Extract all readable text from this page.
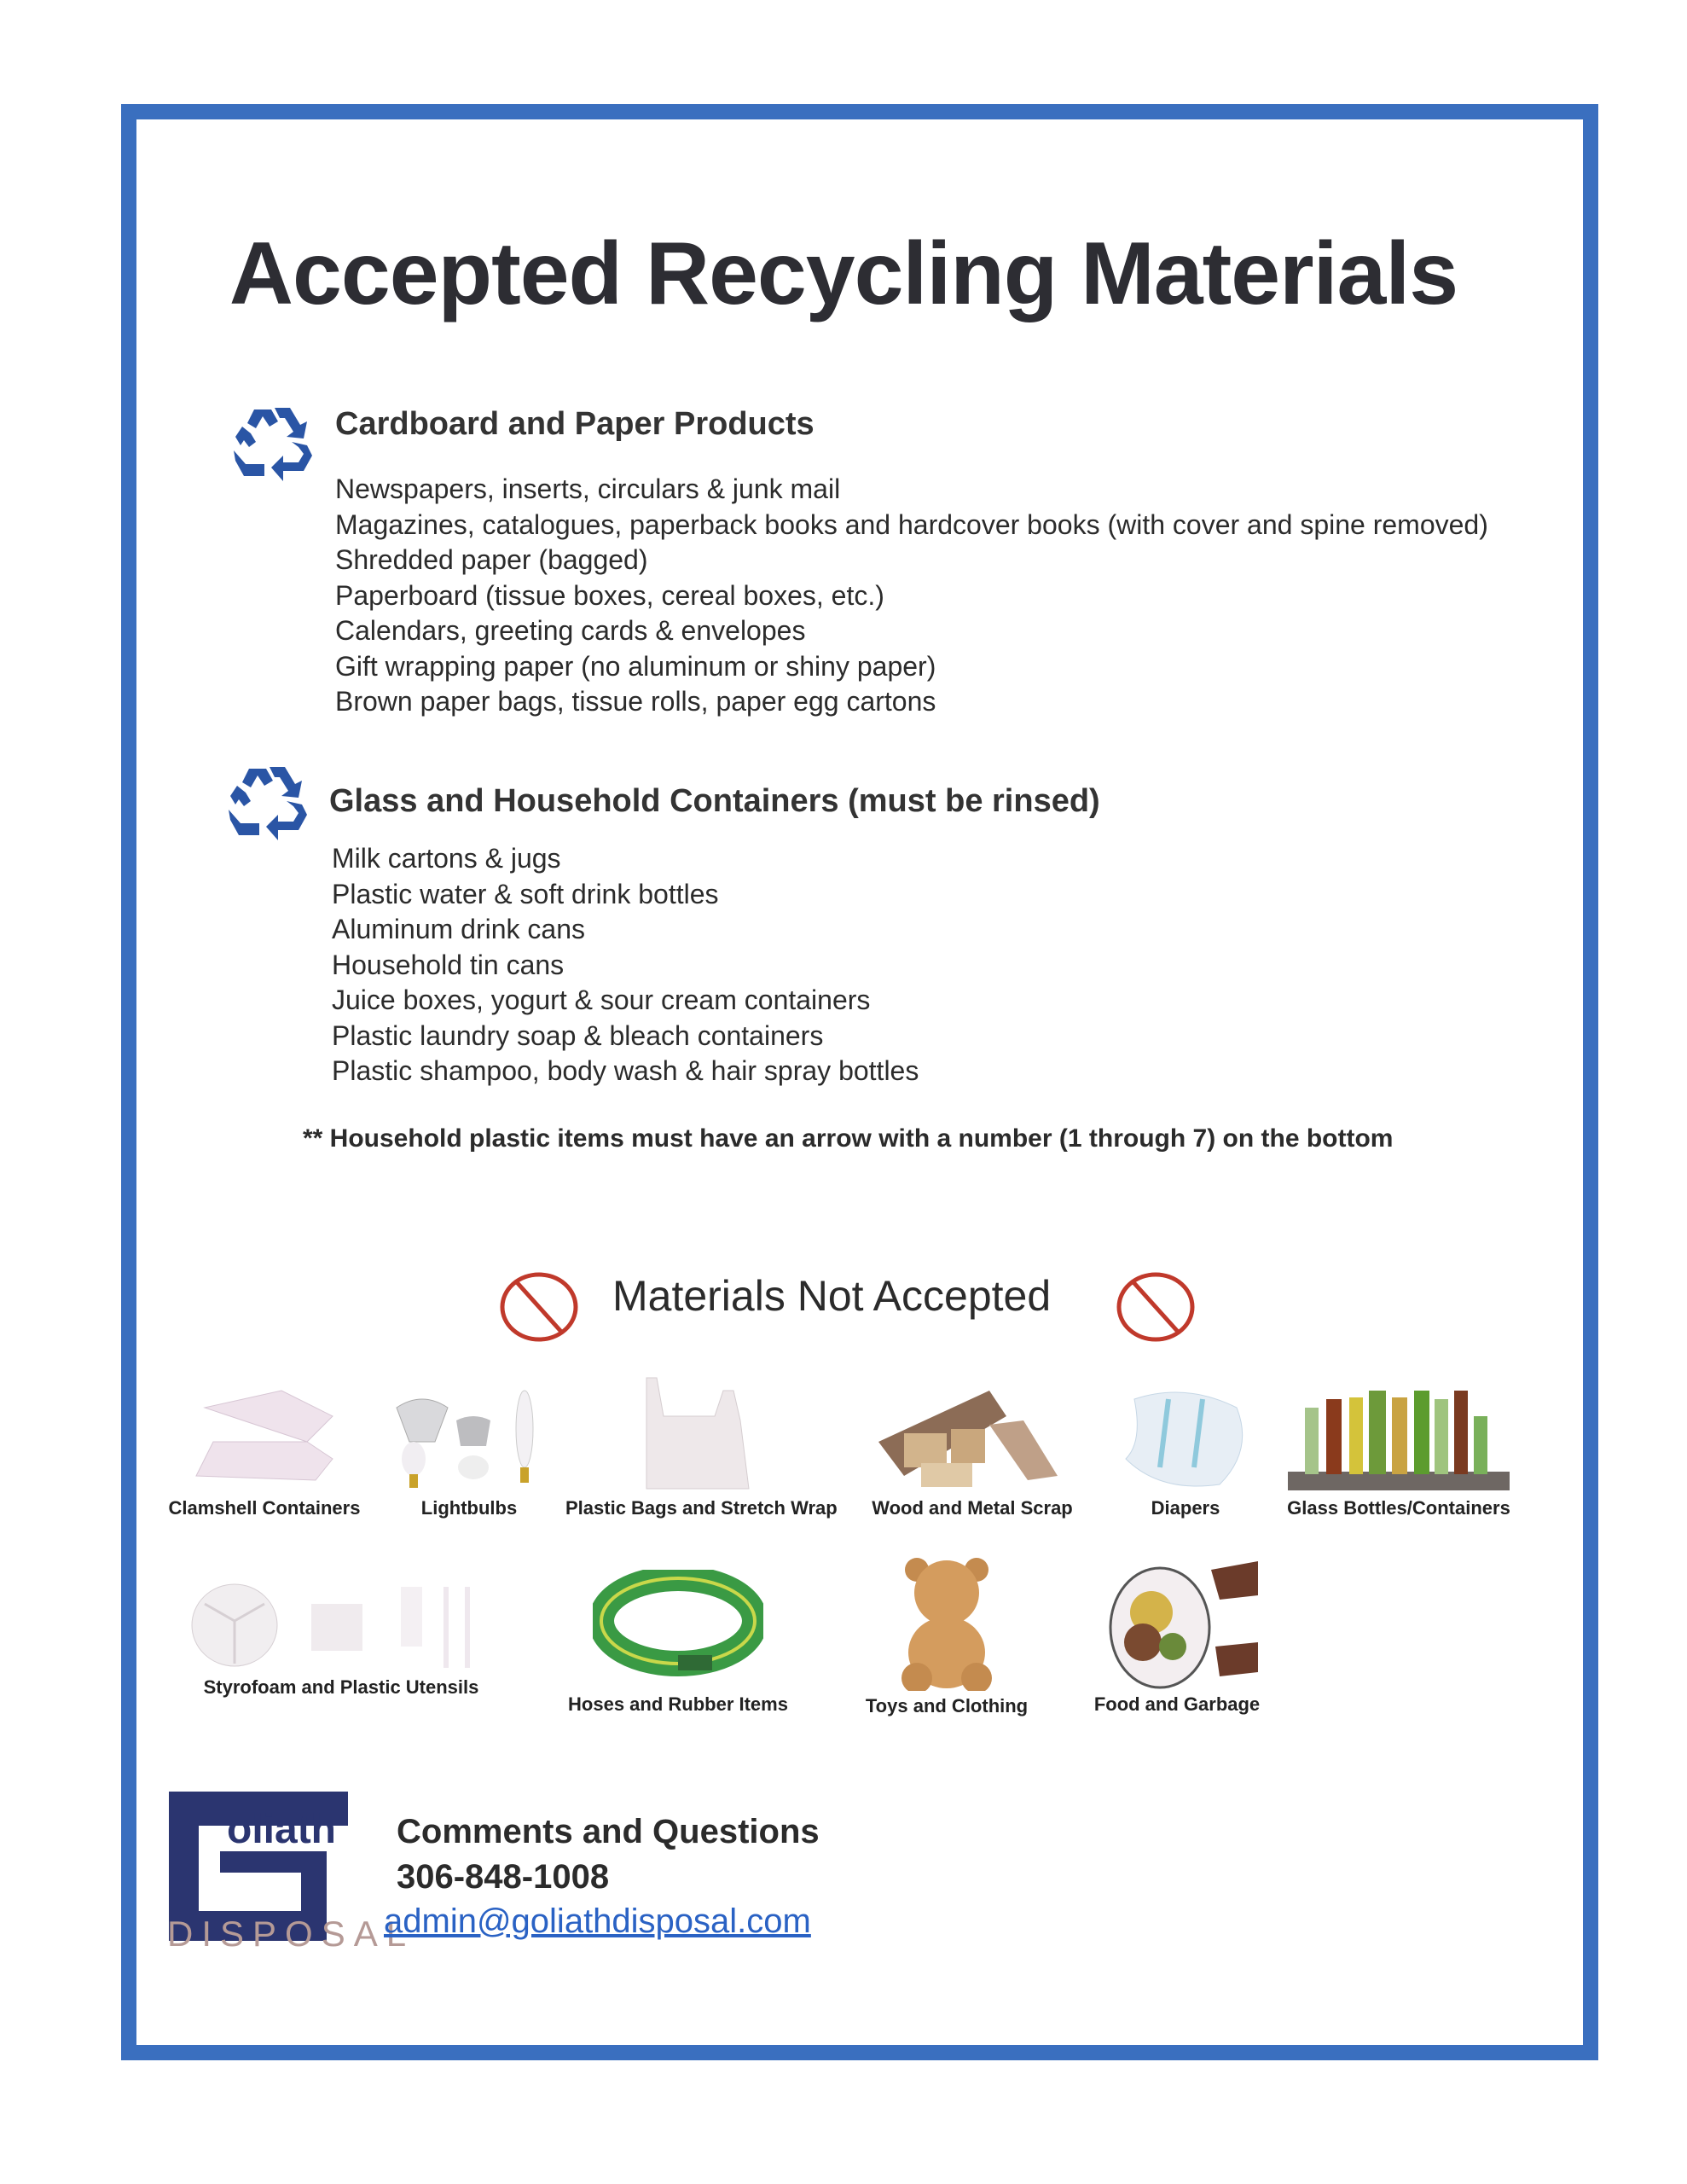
Accepted Recycling Materials
Cardboard and Paper Products
Newspapers, inserts, circulars & junk mail
Magazines, catalogues, paperback books and hardcover books (with cover and spine removed)
Shredded paper (bagged)
Paperboard (tissue boxes, cereal boxes, etc.)
Calendars, greeting cards & envelopes
Gift wrapping paper (no aluminum or shiny paper)
Brown paper bags, tissue rolls, paper egg cartons
Glass and Household Containers (must be rinsed)
Milk cartons & jugs
Plastic water & soft drink bottles
Aluminum drink cans
Household tin cans
Juice boxes, yogurt & sour cream containers
Plastic laundry soap & bleach containers
Plastic shampoo, body wash & hair spray bottles
** Household plastic items must have an arrow with a number (1 through 7) on the bottom
Materials Not Accepted
Clamshell Containers	Lightbulbs	Plastic Bags and Stretch Wrap	Wood and Metal Scrap	Diapers	Glass Bottles/Containers
Styrofoam and Plastic Utensils
Hoses and Rubber Items	Toys and Clothing	Food and Garbage
oliath
DISPOSAL
Comments and Questions
306-848-1008
admin@goliathdisposal.com
